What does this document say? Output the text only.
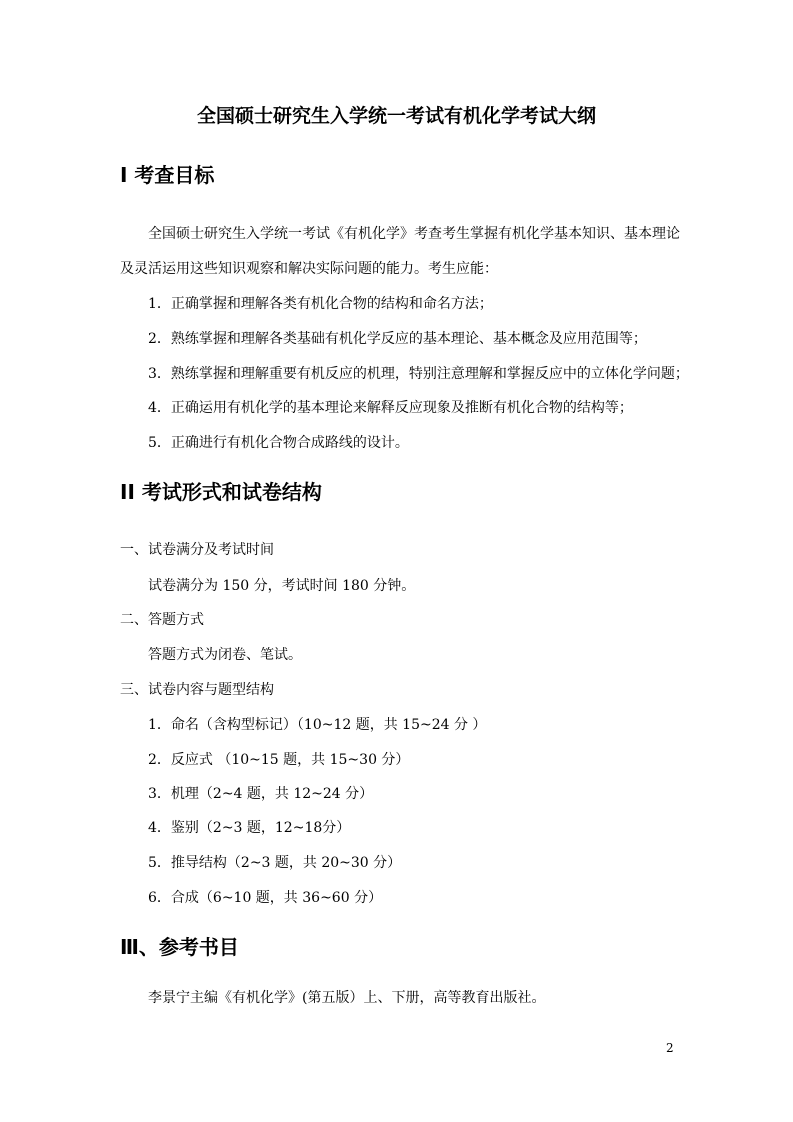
全国硕士研究生入学统一考试有机化学考试大纲
I 考查目标
全国硕士研究生入学统一考试《有机化学》考查考生掌握有机化学基本知识、基本理论
及灵活运用这些知识观察和解决实际问题的能力。考生应能：
1．正确掌握和理解各类有机化合物的结构和命名方法；
2．熟练掌握和理解各类基础有机化学反应的基本理论、基本概念及应用范围等；
3．熟练掌握和理解重要有机反应的机理，特别注意理解和掌握反应中的立体化学问题；
4．正确运用有机化学的基本理论来解释反应现象及推断有机化合物的结构等；
5．正确进行有机化合物合成路线的设计。
II 考试形式和试卷结构
一、试卷满分及考试时间
试卷满分为 150 分，考试时间 180 分钟。
二、答题方式
答题方式为闭卷、笔试。
三、试卷内容与题型结构
1．命名（含构型标记）（10~12 题，共 15~24 分 ）
2．反应式 （10~15 题，共 15~30 分）
3．机理（2~4 题，共 12~24 分）
4．鉴别（2~3 题，12~18分）
5．推导结构（2~3 题，共 20~30 分）
6．合成（6~10 题，共 36~60 分）
Ⅲ、参考书目
李景宁主编《有机化学》(第五版）上、下册，高等教育出版社。
2
